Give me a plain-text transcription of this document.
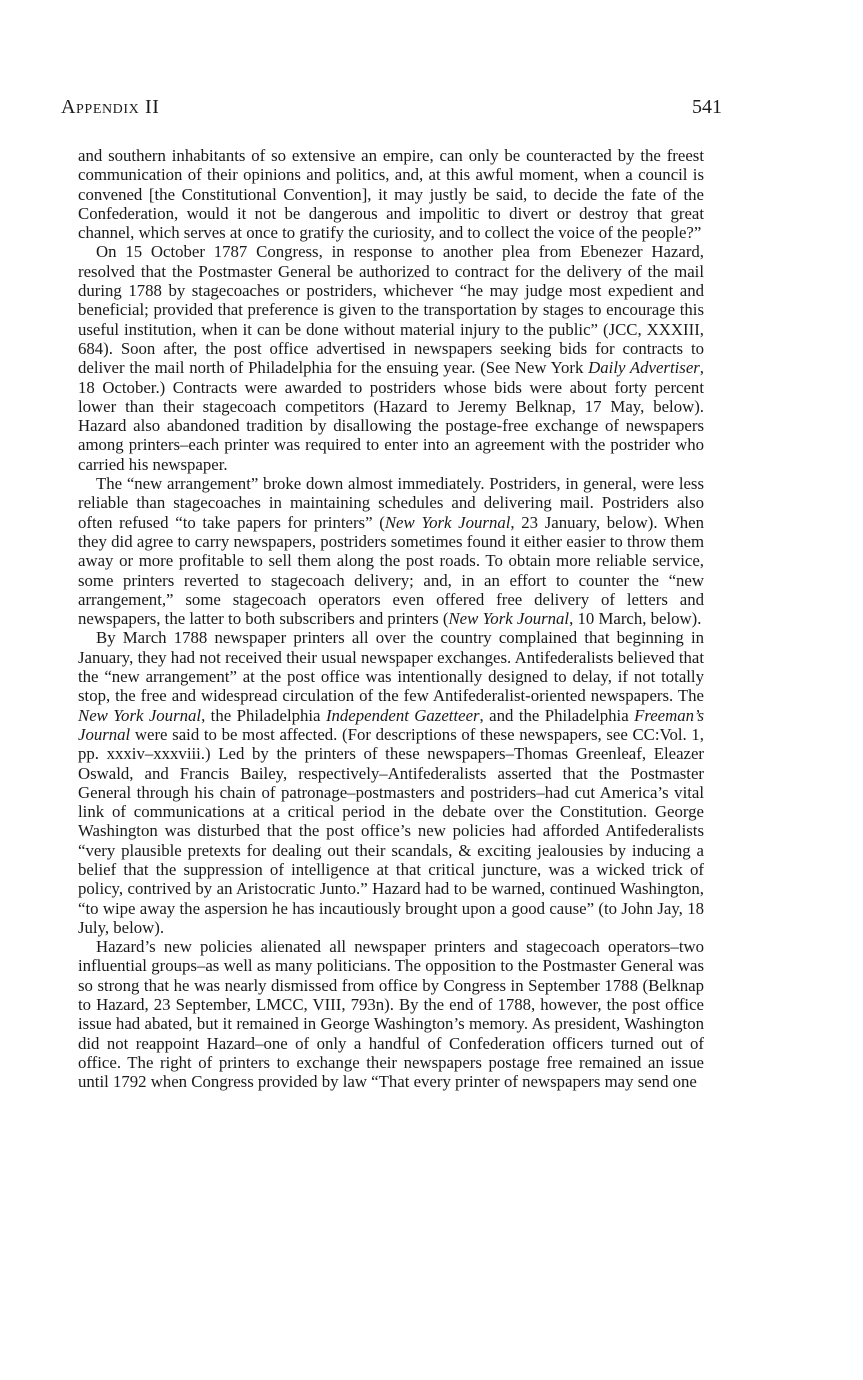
Appendix II	541

and southern inhabitants of so extensive an empire, can only be counteracted by the freest communication of their opinions and politics, and, at this awful moment, when a council is convened [the Constitutional Convention], it may justly be said, to decide the fate of the Confederation, would it not be dangerous and impolitic to divert or destroy that great channel, which serves at once to gratify the curiosity, and to collect the voice of the people?”

On 15 October 1787 Congress, in response to another plea from Ebenezer Hazard, resolved that the Postmaster General be authorized to contract for the delivery of the mail during 1788 by stagecoaches or postriders, whichever “he may judge most expedient and beneficial; provided that preference is given to the transportation by stages to encourage this useful institution, when it can be done without material injury to the public” (JCC, XXXIII, 684). Soon after, the post office advertised in newspapers seeking bids for contracts to deliver the mail north of Philadelphia for the ensuing year. (See New York Daily Advertiser, 18 October.) Contracts were awarded to postriders whose bids were about forty percent lower than their stagecoach competitors (Hazard to Jeremy Belknap, 17 May, below). Hazard also abandoned tradition by disallowing the postage-free exchange of newspapers among printers–each printer was required to enter into an agreement with the postrider who carried his newspaper.

The “new arrangement” broke down almost immediately. Postriders, in general, were less reliable than stagecoaches in maintaining schedules and delivering mail. Postriders also often refused “to take papers for printers” (New York Journal, 23 January, below). When they did agree to carry newspapers, postriders sometimes found it either easier to throw them away or more profitable to sell them along the post roads. To obtain more reliable service, some printers reverted to stagecoach delivery; and, in an effort to counter the “new arrangement,” some stagecoach operators even offered free delivery of letters and newspapers, the latter to both subscribers and printers (New York Journal, 10 March, below).

By March 1788 newspaper printers all over the country complained that beginning in January, they had not received their usual newspaper exchanges. Antifederalists believed that the “new arrangement” at the post office was intentionally designed to delay, if not totally stop, the free and widespread circulation of the few Antifederalist-oriented newspapers. The New York Journal, the Philadelphia Independent Gazetteer, and the Philadelphia Freeman’s Journal were said to be most affected. (For descriptions of these newspapers, see CC:Vol. 1, pp. xxxiv–xxxviii.) Led by the printers of these newspapers–Thomas Greenleaf, Eleazer Oswald, and Francis Bailey, respectively–Antifederalists asserted that the Postmaster General through his chain of patronage–postmasters and postriders–had cut America’s vital link of communications at a critical period in the debate over the Constitution. George Washington was disturbed that the post office’s new policies had afforded Antifederalists “very plausible pretexts for dealing out their scandals, & exciting jealousies by inducing a belief that the suppression of intelligence at that critical juncture, was a wicked trick of policy, contrived by an Aristocratic Junto.” Hazard had to be warned, continued Washington, “to wipe away the aspersion he has incautiously brought upon a good cause” (to John Jay, 18 July, below).

Hazard’s new policies alienated all newspaper printers and stagecoach operators–two influential groups–as well as many politicians. The opposition to the Postmaster General was so strong that he was nearly dismissed from office by Congress in September 1788 (Belknap to Hazard, 23 September, LMCC, VIII, 793n). By the end of 1788, however, the post office issue had abated, but it remained in George Washington’s memory. As president, Washington did not reappoint Hazard–one of only a handful of Confederation officers turned out of office. The right of printers to exchange their newspapers postage free remained an issue until 1792 when Congress provided by law “That every printer of newspapers may send one
